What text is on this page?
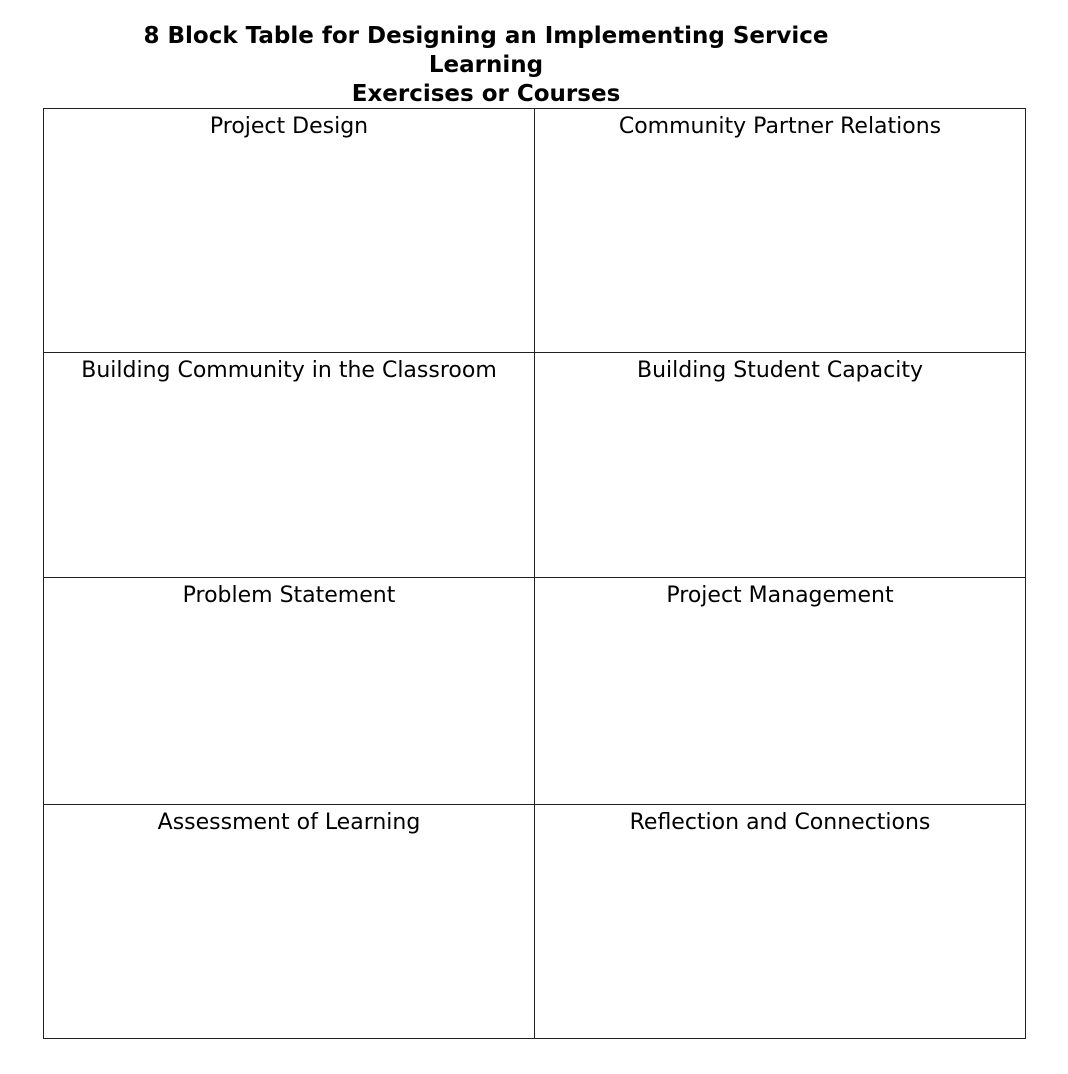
8 Block Table for Designing an Implementing Service Learning
Exercises or Courses
Project Design	Community Partner Relations

Building Community in the Classroom	Building Student Capacity

Problem Statement	Project Management

Assessment of Learning	Reflection and Connections
